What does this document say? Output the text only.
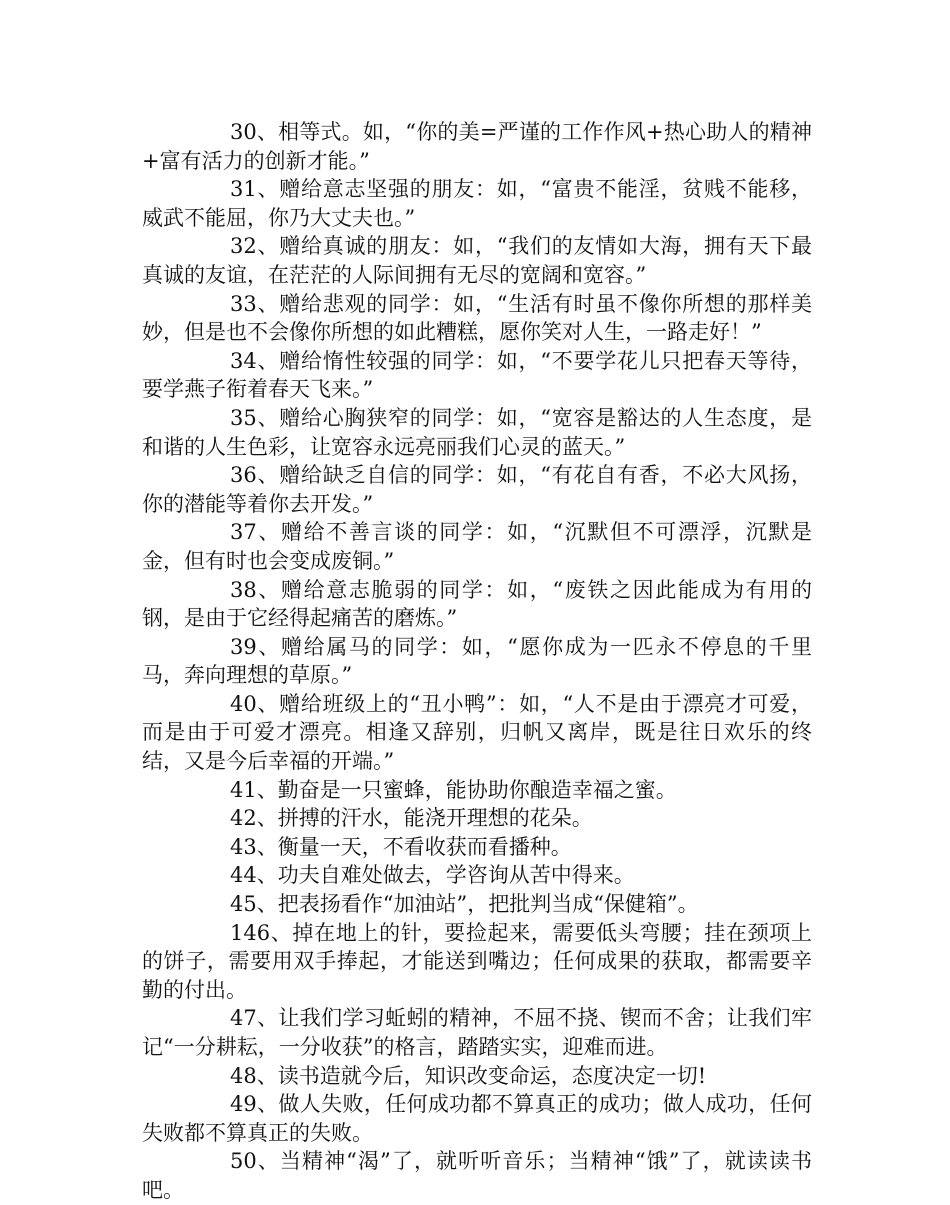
30、相等式。如，“你的美=严谨的工作作风+热心助人的精神+富有活力的创新才能。”

31、赠给意志坚强的朋友：如，“富贵不能淫，贫贱不能移，威武不能屈，你乃大丈夫也。”

32、赠给真诚的朋友：如，“我们的友情如大海，拥有天下最真诚的友谊，在茫茫的人际间拥有无尽的宽阔和宽容。”

33、赠给悲观的同学：如，“生活有时虽不像你所想的那样美妙，但是也不会像你所想的如此糟糕，愿你笑对人生，一路走好！”

34、赠给惰性较强的同学：如，“不要学花儿只把春天等待，要学燕子衔着春天飞来。”

35、赠给心胸狭窄的同学：如，“宽容是豁达的人生态度，是和谐的人生色彩，让宽容永远亮丽我们心灵的蓝天。”

36、赠给缺乏自信的同学：如，“有花自有香，不必大风扬，你的潜能等着你去开发。”

37、赠给不善言谈的同学：如，“沉默但不可漂浮，沉默是金，但有时也会变成废铜。”

38、赠给意志脆弱的同学：如，“废铁之因此能成为有用的钢，是由于它经得起痛苦的磨炼。”

39、赠给属马的同学：如，“愿你成为一匹永不停息的千里马，奔向理想的草原。”

40、赠给班级上的“丑小鸭”：如，“人不是由于漂亮才可爱，而是由于可爱才漂亮。相逢又辞别，归帆又离岸，既是往日欢乐的终结，又是今后幸福的开端。”

41、勤奋是一只蜜蜂，能协助你酿造幸福之蜜。

42、拼搏的汗水，能浇开理想的花朵。

43、衡量一天，不看收获而看播种。

44、功夫自难处做去，学咨询从苦中得来。

45、把表扬看作“加油站”，把批判当成“保健箱”。

146、掉在地上的针，要捡起来，需要低头弯腰；挂在颈项上的饼子，需要用双手捧起，才能送到嘴边；任何成果的获取，都需要辛勤的付出。

47、让我们学习蚯蚓的精神，不屈不挠、锲而不舍；让我们牢记“一分耕耘，一分收获”的格言，踏踏实实，迎难而进。

48、读书造就今后，知识改变命运，态度决定一切!

49、做人失败，任何成功都不算真正的成功；做人成功，任何失败都不算真正的失败。

50、当精神“渴”了，就听听音乐；当精神“饿”了，就读读书吧。
